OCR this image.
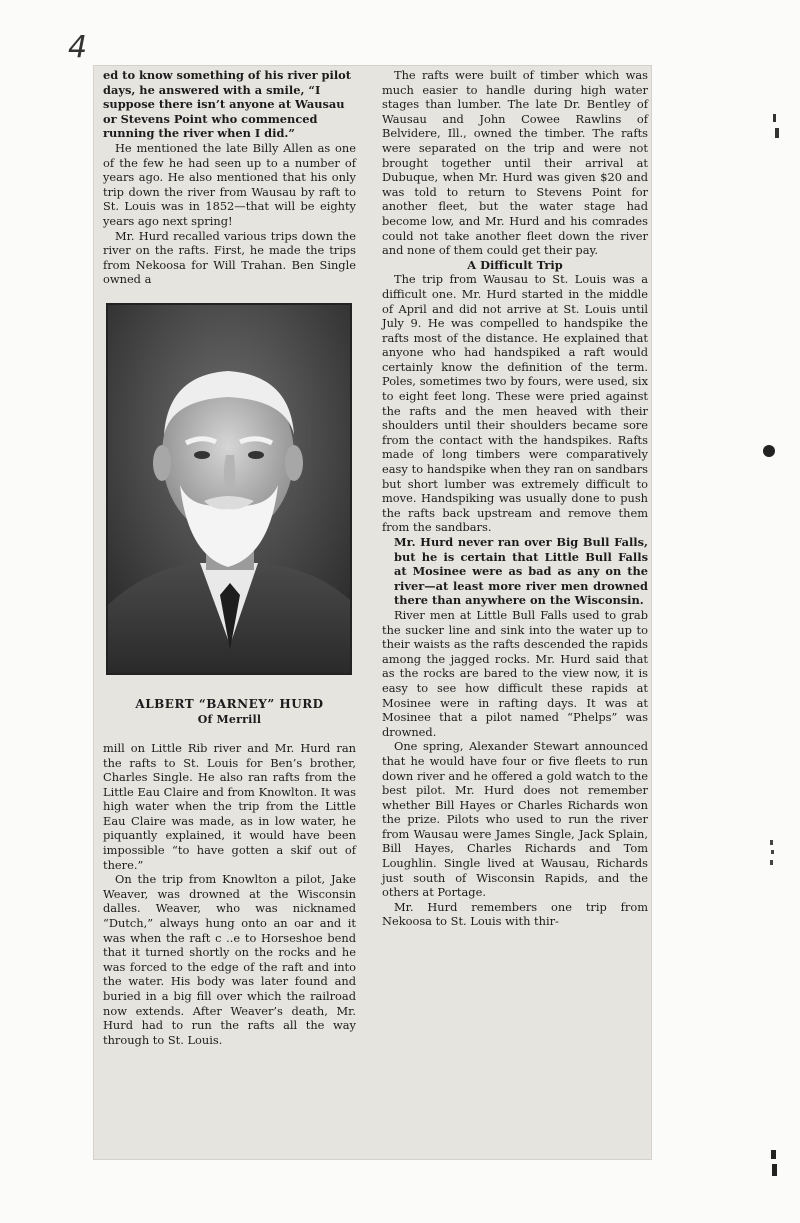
4

ed to know something of his river pilot days, he answered with a smile, “I suppose there isn’t anyone at Wausau or Stevens Point who commenced running the river when I did.”

He mentioned the late Billy Allen as one of the few he had seen up to a number of years ago. He also mentioned that his only trip down the river from Wausau by raft to St. Louis was in 1852—that will be eighty years ago next spring!

Mr. Hurd recalled various trips down the river on the rafts. First, he made the trips from Nekoosa for Will Trahan. Ben Single owned a

ALBERT “BARNEY” HURD
Of Merrill

mill on Little Rib river and Mr. Hurd ran the rafts to St. Louis for Ben’s brother, Charles Single. He also ran rafts from the Little Eau Claire and from Knowlton. It was high water when the trip from the Little Eau Claire was made, as in low water, he piquantly explained, it would have been impossible “to have gotten a skif out of there.”

On the trip from Knowlton a pilot, Jake Weaver, was drowned at the Wisconsin dalles. Weaver, who was nicknamed “Dutch,” always hung onto an oar and it was when the raft c ..e to Horseshoe bend that it turned shortly on the rocks and he was forced to the edge of the raft and into the water. His body was later found and buried in a big fill over which the railroad now extends. After Weaver’s death, Mr. Hurd had to run the rafts all the way through to St. Louis.

The rafts were built of timber which was much easier to handle during high water stages than lumber. The late Dr. Bentley of Wausau and John Cowee Rawlins of Belvidere, Ill., owned the timber. The rafts were separated on the trip and were not brought together until their arrival at Dubuque, when Mr. Hurd was given $20 and was told to return to Stevens Point for another fleet, but the water stage had become low, and Mr. Hurd and his comrades could not take another fleet down the river and none of them could get their pay.

A Difficult Trip

The trip from Wausau to St. Louis was a difficult one. Mr. Hurd started in the middle of April and did not arrive at St. Louis until July 9. He was compelled to handspike the rafts most of the distance. He explained that anyone who had handspiked a raft would certainly know the definition of the term. Poles, sometimes two by fours, were used, six to eight feet long. These were pried against the rafts and the men heaved with their shoulders until their shoulders became sore from the contact with the handspikes. Rafts made of long timbers were comparatively easy to handspike when they ran on sandbars but short lumber was extremely difficult to move. Handspiking was usually done to push the rafts back upstream and remove them from the sandbars.

Mr. Hurd never ran over Big Bull Falls, but he is certain that Little Bull Falls at Mosinee were as bad as any on the river—at least more river men drowned there than anywhere on the Wisconsin.

River men at Little Bull Falls used to grab the sucker line and sink into the water up to their waists as the rafts descended the rapids among the jagged rocks. Mr. Hurd said that as the rocks are bared to the view now, it is easy to see how difficult these rapids at Mosinee were in rafting days. It was at Mosinee that a pilot named “Phelps” was drowned.

One spring, Alexander Stewart announced that he would have four or five fleets to run down river and he offered a gold watch to the best pilot. Mr. Hurd does not remember whether Bill Hayes or Charles Richards won the prize. Pilots who used to run the river from Wausau were James Single, Jack Splain, Bill Hayes, Charles Richards and Tom Loughlin. Single lived at Wausau, Richards just south of Wisconsin Rapids, and the others at Portage.

Mr. Hurd remembers one trip from Nekoosa to St. Louis with thir-
